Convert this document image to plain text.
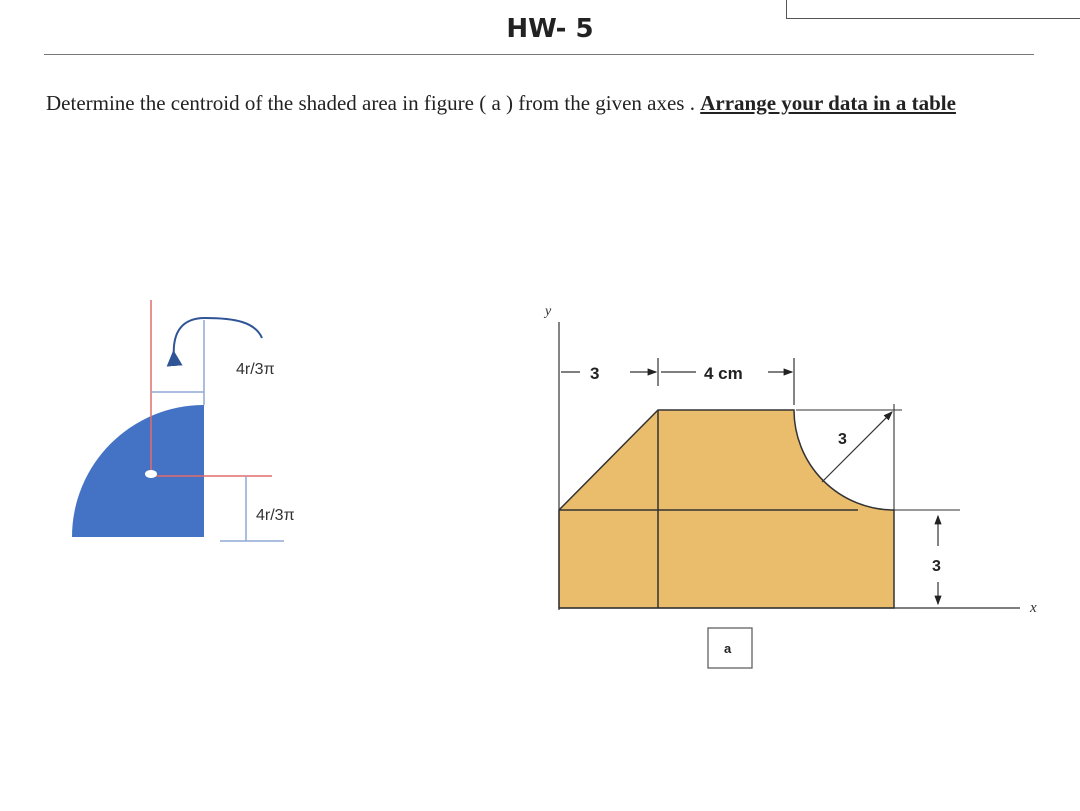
HW- 5
Determine the centroid of the shaded area in figure ( a ) from the given axes . Arrange your data in a table
4r/3π
4r/3π
y
x
3	4 cm
3
3
a
